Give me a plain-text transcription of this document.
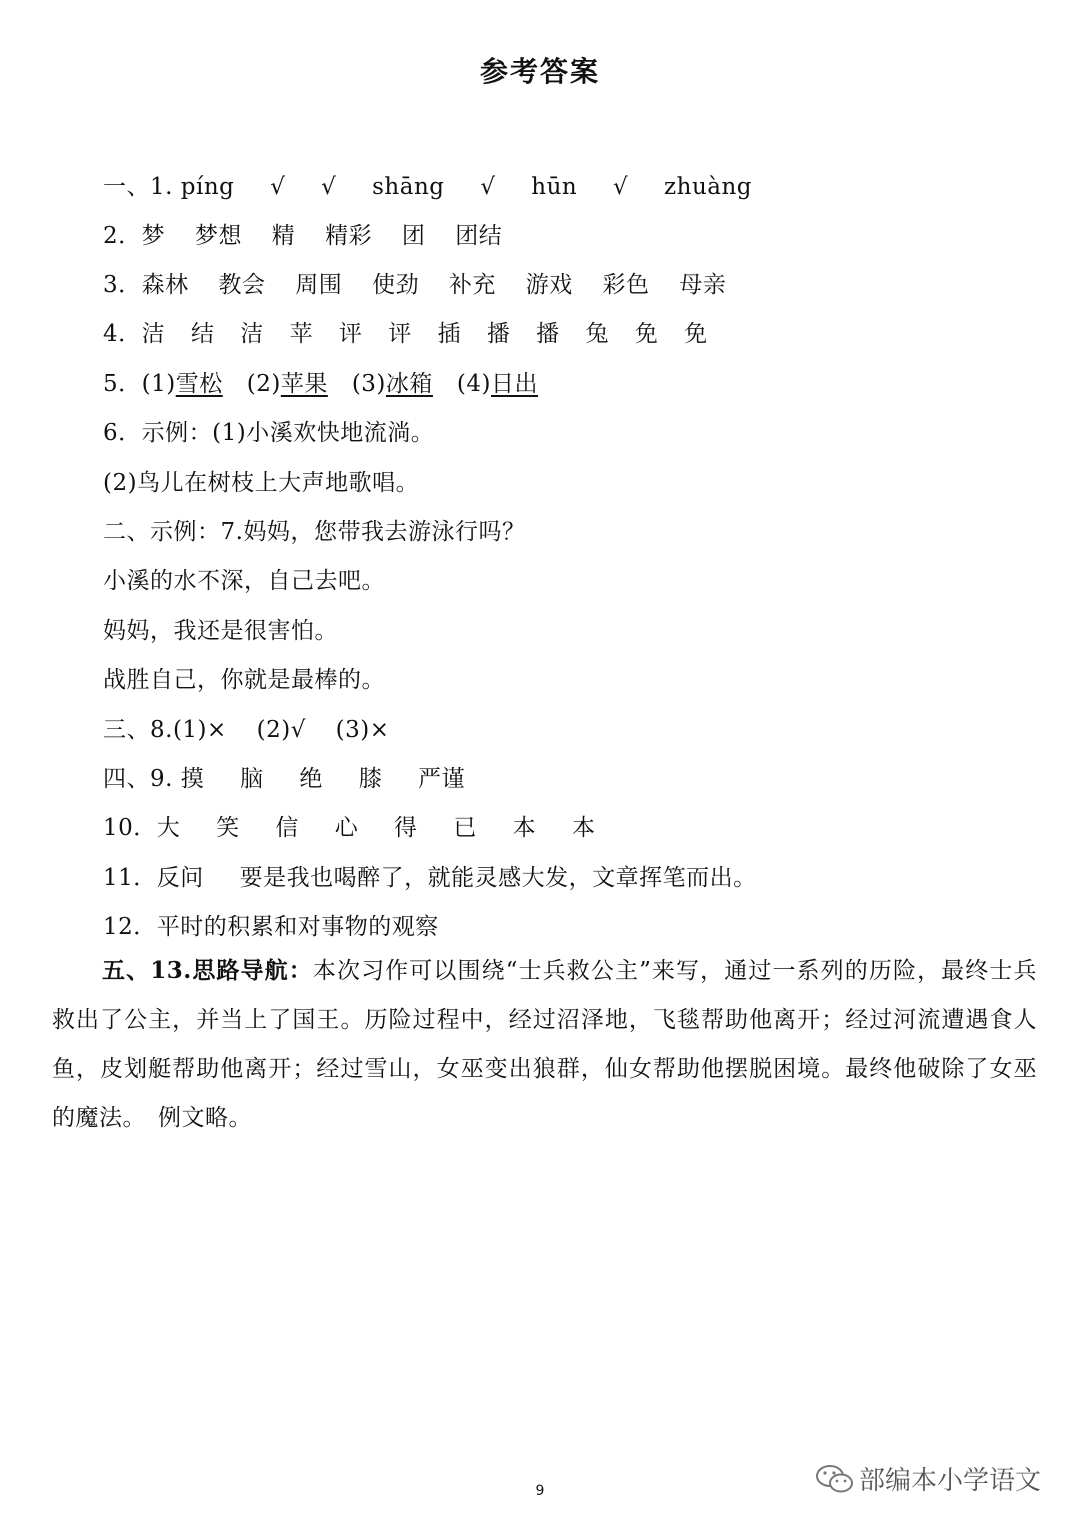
参考答案
一、1. píng √ √ shāng √ hūn √ zhuàng
2．梦 梦想 精 精彩 团 团结
3．森林 教会 周围 使劲 补充 游戏 彩色 母亲
4．洁 结 洁 苹 评 评 插 播 播 兔 免 免
5．(1)雪松 (2)苹果 (3)冰箱 (4)日出
6．示例：(1)小溪欢快地流淌。
(2)鸟儿在树枝上大声地歌唱。
二、示例：7.妈妈，您带我去游泳行吗？
小溪的水不深，自己去吧。
妈妈，我还是很害怕。
战胜自己，你就是最棒的。
三、8.(1)× (2)√ (3)×
四、9. 摸 脑 绝 膝 严谨
10．大 笑 信 心 得 已 本 本
11．反问 要是我也喝醉了，就能灵感大发，文章挥笔而出。
12．平时的积累和对事物的观察
五、13.思路导航：本次习作可以围绕“士兵救公主”来写，通过一系列的历险，最终士兵救出了公主，并当上了国王。历险过程中，经过沼泽地，飞毯帮助他离开；经过河流遭遇食人鱼，皮划艇帮助他离开；经过雪山，女巫变出狼群，仙女帮助他摆脱困境。最终他破除了女巫的魔法。　例文略。
9	部编本小学语文
